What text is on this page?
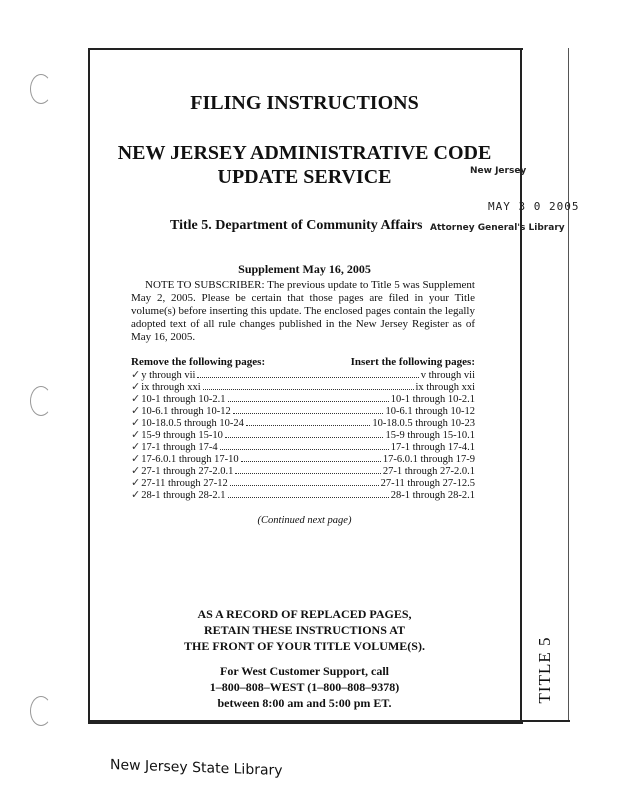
FILING INSTRUCTIONS
NEW JERSEY ADMINISTRATIVE CODE
UPDATE SERVICE
Title 5. Department of Community Affairs
New Jersey
MAY 3 0 2005
Attorney General's Library
Supplement May 16, 2005
NOTE TO SUBSCRIBER: The previous update to Title 5 was Supplement May 2, 2005. Please be certain that those pages are filed in your Title volume(s) before inserting this update. The enclosed pages contain the legally adopted text of all rule changes published in the New Jersey Register as of May 16, 2005.
Remove the following pages:	Insert the following pages:
✓ y through vii	v through vii
✓ ix through xxi	ix through xxi
✓ 10-1 through 10-2.1	10-1 through 10-2.1
✓ 10-6.1 through 10-12	10-6.1 through 10-12
✓ 10-18.0.5 through 10-24	10-18.0.5 through 10-23
✓ 15-9 through 15-10	15-9 through 15-10.1
✓ 17-1 through 17-4	17-1 through 17-4.1
✓ 17-6.0.1 through 17-10	17-6.0.1 through 17-9
✓ 27-1 through 27-2.0.1	27-1 through 27-2.0.1
✓ 27-11 through 27-12	27-11 through 27-12.5
✓ 28-1 through 28-2.1	28-1 through 28-2.1
(Continued next page)
AS A RECORD OF REPLACED PAGES,
RETAIN THESE INSTRUCTIONS AT
THE FRONT OF YOUR TITLE VOLUME(S).
For West Customer Support, call
1–800–808–WEST (1–800–808–9378)
between 8:00 am and 5:00 pm ET.	TITLE 5
New Jersey State Library
